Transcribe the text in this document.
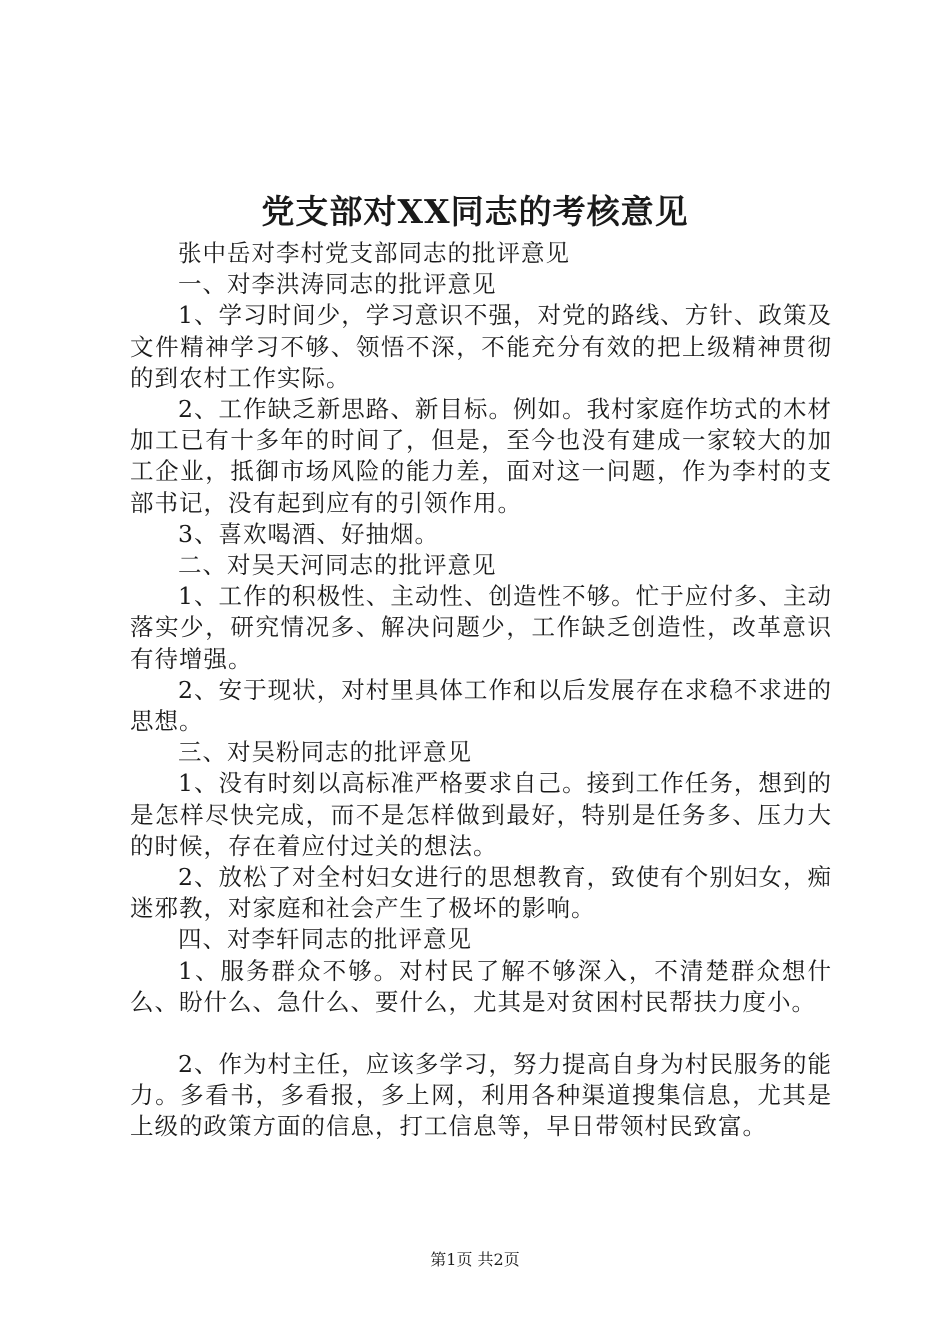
党支部对XX同志的考核意见

张中岳对李村党支部同志的批评意见

一、对李洪涛同志的批评意见

1、学习时间少，学习意识不强，对党的路线、方针、政策及文件精神学习不够、领悟不深，不能充分有效的把上级精神贯彻的到农村工作实际。

2、工作缺乏新思路、新目标。例如。我村家庭作坊式的木材加工已有十多年的时间了，但是，至今也没有建成一家较大的加工企业，抵御市场风险的能力差，面对这一问题，作为李村的支部书记，没有起到应有的引领作用。

3、喜欢喝酒、好抽烟。

二、对吴天河同志的批评意见

1、工作的积极性、主动性、创造性不够。忙于应付多、主动落实少，研究情况多、解决问题少，工作缺乏创造性，改革意识有待增强。

2、安于现状，对村里具体工作和以后发展存在求稳不求进的思想。

三、对吴粉同志的批评意见

1、没有时刻以高标准严格要求自己。接到工作任务，想到的是怎样尽快完成，而不是怎样做到最好，特别是任务多、压力大的时候，存在着应付过关的想法。

2、放松了对全村妇女进行的思想教育，致使有个别妇女，痴迷邪教，对家庭和社会产生了极坏的影响。

四、对李轩同志的批评意见

1、服务群众不够。对村民了解不够深入，不清楚群众想什么、盼什么、急什么、要什么，尤其是对贫困村民帮扶力度小。

2、作为村主任，应该多学习，努力提高自身为村民服务的能力。多看书，多看报，多上网，利用各种渠道搜集信息，尤其是上级的政策方面的信息，打工信息等，早日带领村民致富。

第1页 共2页
